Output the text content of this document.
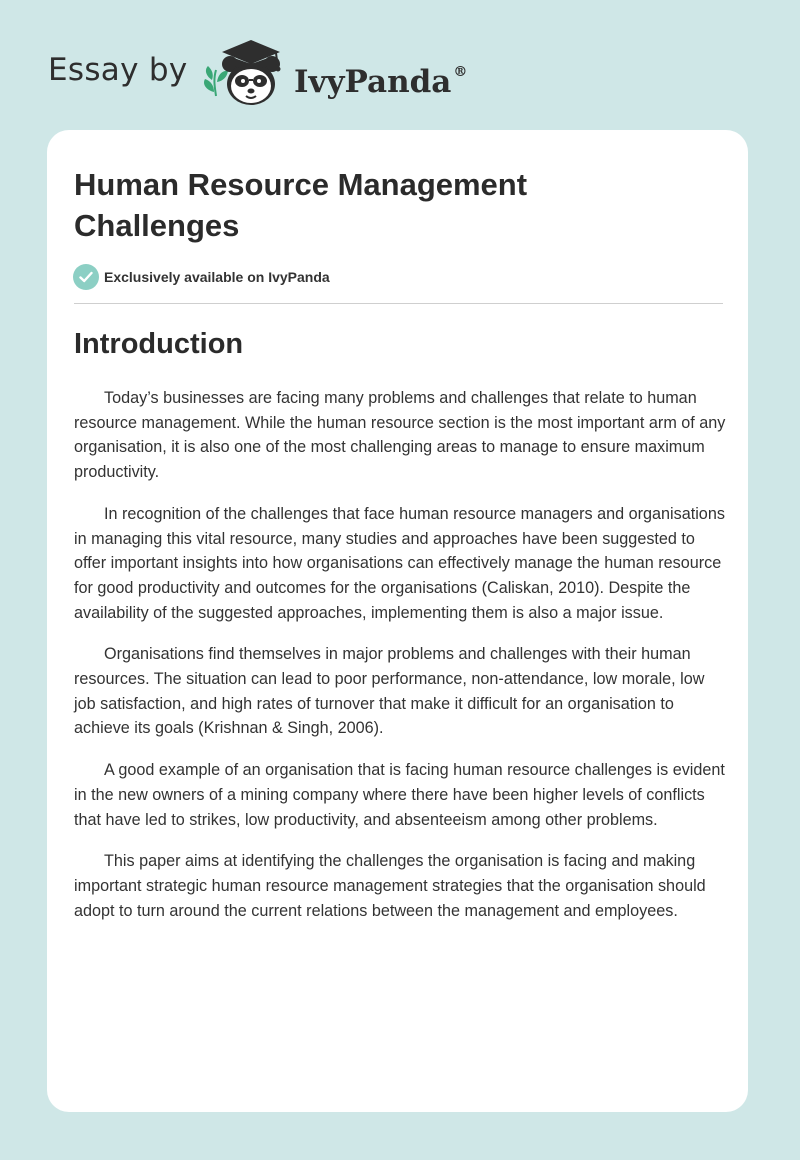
Essay by	IvyPanda ®
Human Resource Management Challenges
Exclusively available on IvyPanda
Introduction

Today’s businesses are facing many problems and challenges that relate to human resource management. While the human resource section is the most important arm of any organisation, it is also one of the most challenging areas to manage to ensure maximum productivity.

In recognition of the challenges that face human resource managers and organisations in managing this vital resource, many studies and approaches have been suggested to offer important insights into how organisations can effectively manage the human resource for good productivity and outcomes for the organisations (Caliskan, 2010). Despite the availability of the suggested approaches, implementing them is also a major issue.

Organisations find themselves in major problems and challenges with their human resources. The situation can lead to poor performance, non-attendance, low morale, low job satisfaction, and high rates of turnover that make it difficult for an organisation to achieve its goals (Krishnan & Singh, 2006).

A good example of an organisation that is facing human resource challenges is evident in the new owners of a mining company where there have been higher levels of conflicts that have led to strikes, low productivity, and absenteeism among other problems.

This paper aims at identifying the challenges the organisation is facing and making important strategic human resource management strategies that the organisation should adopt to turn around the current relations between the management and employees.
